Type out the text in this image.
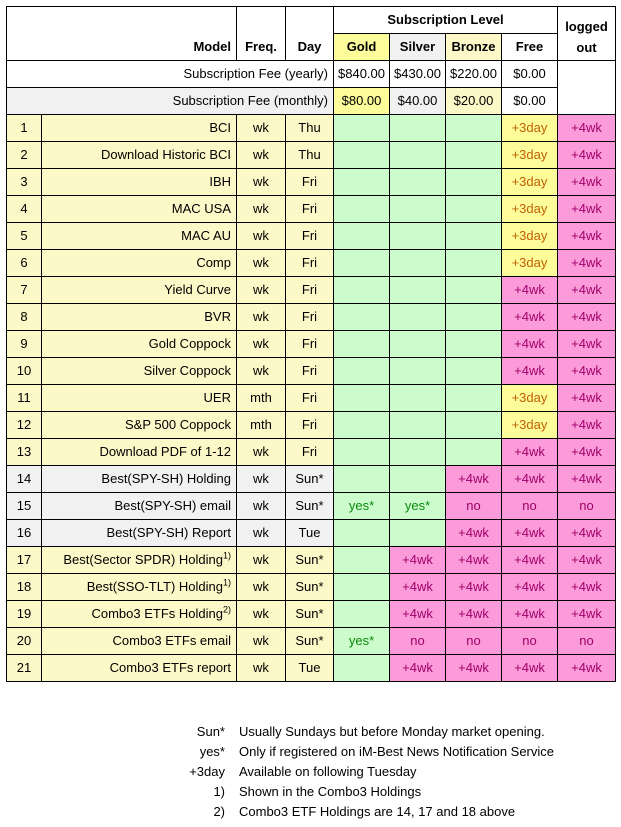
Model		Freq.	Day	Subscription Level				logged out
				Gold	Silver	Bronze	Free	
Subscription Fee (yearly)				$840.00	$430.00	$220.00	$0.00	
Subscription Fee (monthly)				$80.00	$40.00	$20.00	$0.00	
1	BCI	wk	Thu				+3day	+4wk
2	Download Historic BCI	wk	Thu				+3day	+4wk
3	IBH	wk	Fri				+3day	+4wk
4	MAC USA	wk	Fri				+3day	+4wk
5	MAC AU	wk	Fri				+3day	+4wk
6	Comp	wk	Fri				+3day	+4wk
7	Yield Curve	wk	Fri				+4wk	+4wk
8	BVR	wk	Fri				+4wk	+4wk
9	Gold Coppock	wk	Fri				+4wk	+4wk
10	Silver Coppock	wk	Fri				+4wk	+4wk
11	UER	mth	Fri				+3day	+4wk
12	S&P 500 Coppock	mth	Fri				+3day	+4wk
13	Download PDF of 1-12	wk	Fri				+4wk	+4wk
14	Best(SPY-SH) Holding	wk	Sun*			+4wk	+4wk	+4wk
15	Best(SPY-SH) email	wk	Sun*	yes*	yes*	no	no	no
16	Best(SPY-SH) Report	wk	Tue			+4wk	+4wk	+4wk
17	Best(Sector SPDR) Holding$^{1)}$	wk	Sun*		+4wk	+4wk	+4wk	+4wk
18	Best(SSO-TLT) Holding$^{1)}$	wk	Sun*		+4wk	+4wk	+4wk	+4wk
19	Combo3 ETFs Holding$^{2)}$	wk	Sun*		+4wk	+4wk	+4wk	+4wk
20	Combo3 ETFs email	wk	Sun*	yes*	no	no	no	no
21	Combo3 ETFs report	wk	Tue		+4wk	+4wk	+4wk	+4wk
Sun* Usually Sundays but before Monday market opening.
yes* Only if registered on iM-Best News Notification Service
+3day Available on following Tuesday
1) Shown in the Combo3 Holdings
2) Combo3 ETF Holdings are 14, 17 and 18 above
